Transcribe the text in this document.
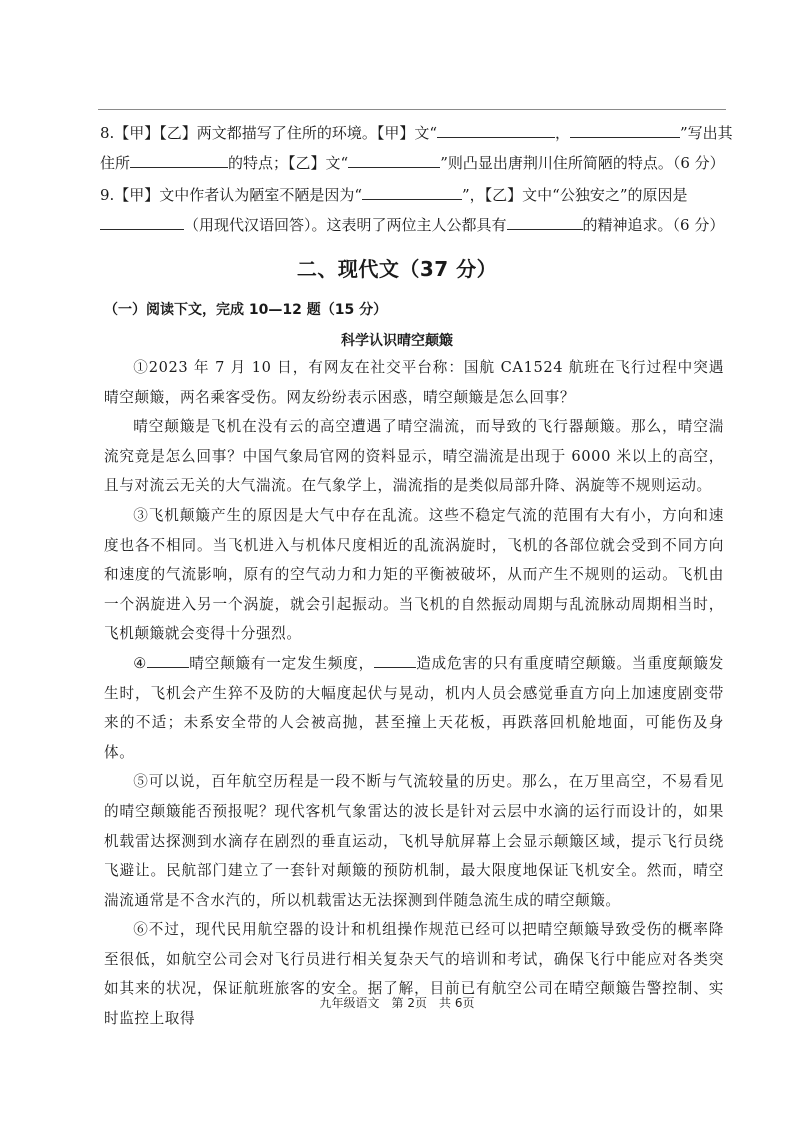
8.【甲】【乙】两文都描写了住所的环境。【甲】文“	，	”写出其
住所	的特点；【乙】文“	”则凸显出唐荆川住所简陋的特点。（6 分）
9.【甲】文中作者认为陋室不陋是因为“	”，【乙】文中“公独安之”的原因是
（用现代汉语回答）。这表明了两位主人公都具有	的精神追求。（6 分）
二、现代文（37 分）
（一）阅读下文，完成 10—12 题（15 分）
科学认识晴空颠簸

①2023 年 7 月 10 日，有网友在社交平台称：国航 CA1524 航班在飞行过程中突遇晴空颠簸，两名乘客受伤。网友纷纷表示困惑，晴空颠簸是怎么回事？

晴空颠簸是飞机在没有云的高空遭遇了晴空湍流，而导致的飞行器颠簸。那么，晴空湍流究竟是怎么回事？中国气象局官网的资料显示，晴空湍流是出现于 6000 米以上的高空，且与对流云无关的大气湍流。在气象学上，湍流指的是类似局部升降、涡旋等不规则运动。

③飞机颠簸产生的原因是大气中存在乱流。这些不稳定气流的范围有大有小，方向和速度也各不相同。当飞机进入与机体尺度相近的乱流涡旋时，飞机的各部位就会受到不同方向和速度的气流影响，原有的空气动力和力矩的平衡被破坏，从而产生不规则的运动。飞机由一个涡旋进入另一个涡旋，就会引起振动。当飞机的自然振动周期与乱流脉动周期相当时，飞机颠簸就会变得十分强烈。

④	晴空颠簸有一定发生频度，	造成危害的只有重度晴空颠簸。当重度颠簸发生时，飞机会产生猝不及防的大幅度起伏与晃动，机内人员会感觉垂直方向上加速度剧变带来的不适；未系安全带的人会被高抛，甚至撞上天花板，再跌落回机舱地面，可能伤及身体。

⑤可以说，百年航空历程是一段不断与气流较量的历史。那么，在万里高空，不易看见的晴空颠簸能否预报呢？现代客机气象雷达的波长是针对云层中水滴的运行而设计的，如果机载雷达探测到水滴存在剧烈的垂直运动，飞机导航屏幕上会显示颠簸区域，提示飞行员绕飞避让。民航部门建立了一套针对颠簸的预防机制，最大限度地保证飞机安全。然而，晴空湍流通常是不含水汽的，所以机载雷达无法探测到伴随急流生成的晴空颠簸。

⑥不过，现代民用航空器的设计和机组操作规范已经可以把晴空颠簸导致受伤的概率降至很低，如航空公司会对飞行员进行相关复杂天气的培训和考试，确保飞行中能应对各类突如其来的状况，保证航班旅客的安全。据了解，目前已有航空公司在晴空颠簸告警控制、实时监控上取得

九年级语文 第 2页 共 6页
